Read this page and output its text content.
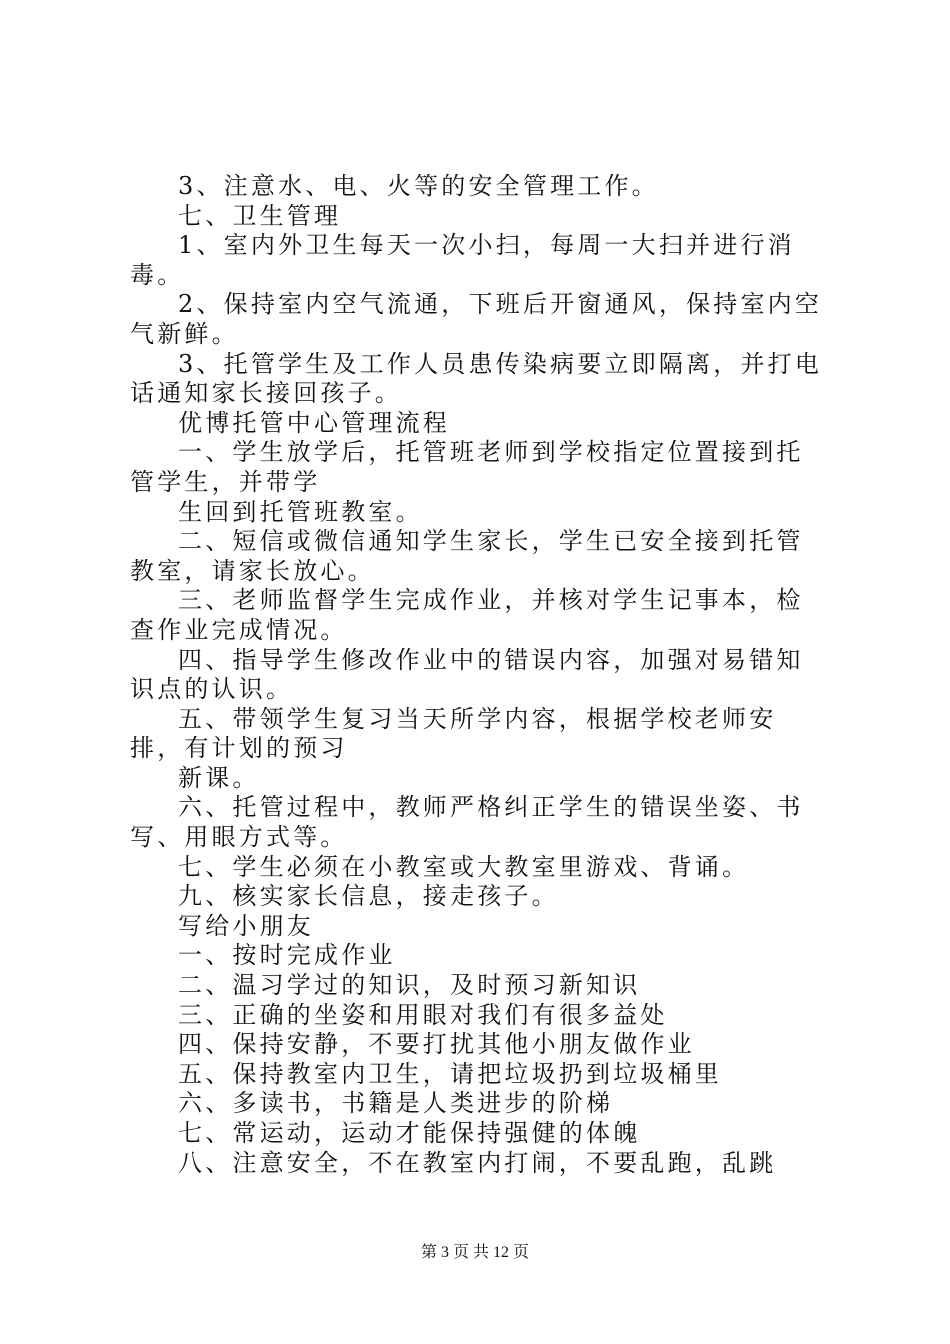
3、注意水、电、火等的安全管理工作。

七、卫生管理

1、室内外卫生每天一次小扫，每周一大扫并进行消毒。

2、保持室内空气流通，下班后开窗通风，保持室内空气新鲜。

3、托管学生及工作人员患传染病要立即隔离，并打电话通知家长接回孩子。

优博托管中心管理流程

一、学生放学后，托管班老师到学校指定位置接到托管学生，并带学

生回到托管班教室。

二、短信或微信通知学生家长，学生已安全接到托管教室，请家长放心。

三、老师监督学生完成作业，并核对学生记事本，检查作业完成情况。

四、指导学生修改作业中的错误内容，加强对易错知识点的认识。

五、带领学生复习当天所学内容，根据学校老师安排，有计划的预习

新课。

六、托管过程中，教师严格纠正学生的错误坐姿、书写、用眼方式等。

七、学生必须在小教室或大教室里游戏、背诵。

九、核实家长信息，接走孩子。

写给小朋友

一、按时完成作业

二、温习学过的知识，及时预习新知识

三、正确的坐姿和用眼对我们有很多益处

四、保持安静，不要打扰其他小朋友做作业

五、保持教室内卫生，请把垃圾扔到垃圾桶里

六、多读书，书籍是人类进步的阶梯

七、常运动，运动才能保持强健的体魄

八、注意安全，不在教室内打闹，不要乱跑，乱跳

第 3 页 共 12 页
